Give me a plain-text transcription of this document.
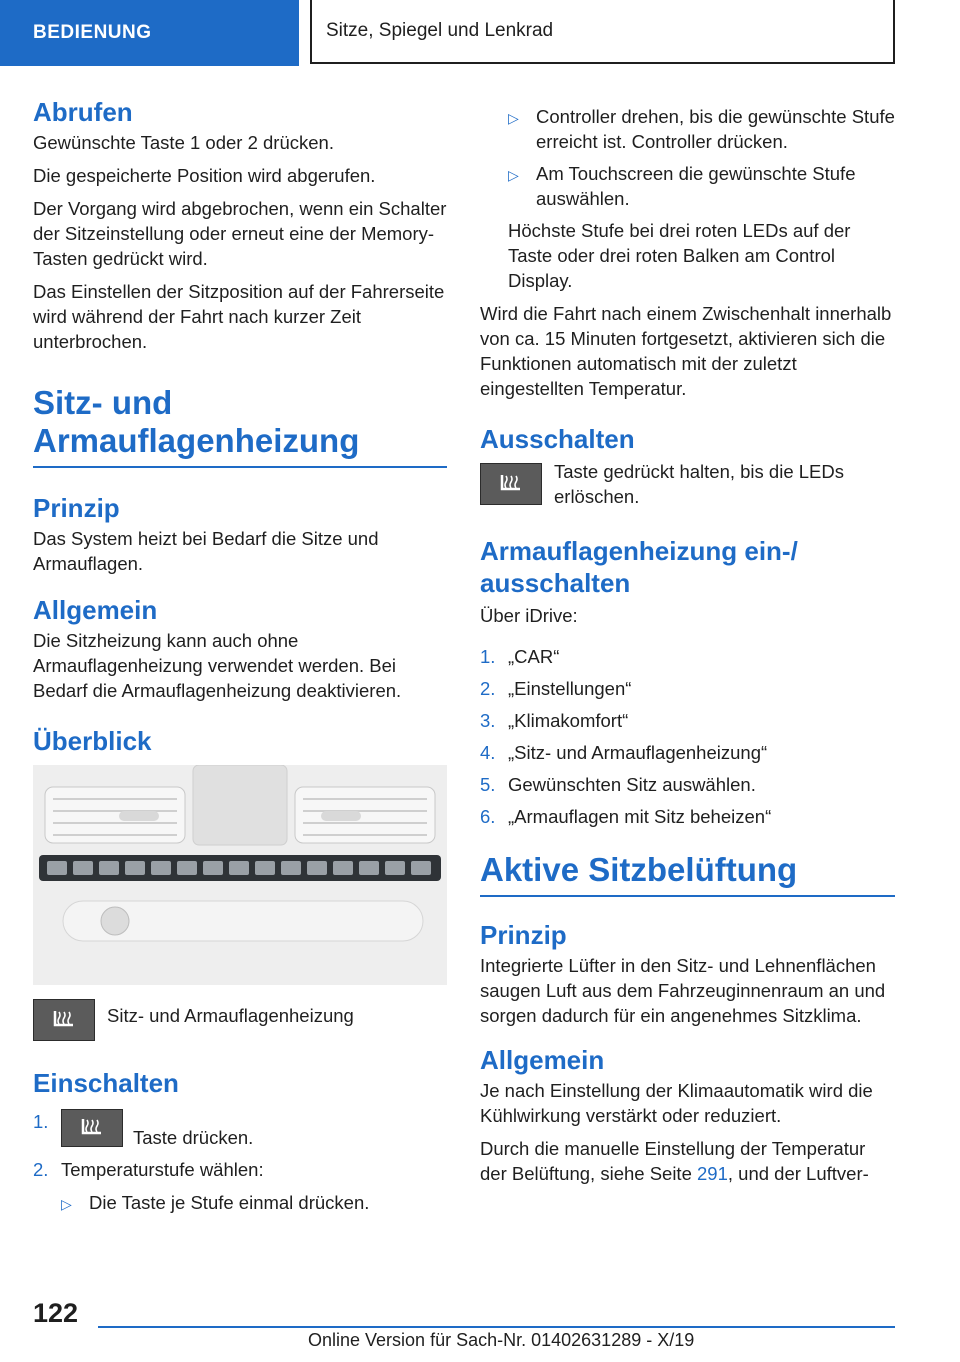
BEDIENUNG	Sitze, Spiegel und Lenkrad
Abrufen

Gewünschte Taste 1 oder 2 drücken.

Die gespeicherte Position wird abgerufen.

Der Vorgang wird abgebrochen, wenn ein Schalter der Sitzeinstellung oder erneut eine der Memory-Tasten gedrückt wird.

Das Einstellen der Sitzposition auf der Fahrerseite wird während der Fahrt nach kurzer Zeit unterbrochen.

Sitz- und Armauflagenheizung
Prinzip

Das System heizt bei Bedarf die Sitze und Armauflagen.

Allgemein

Die Sitzheizung kann auch ohne Armauflagenheizung verwendet werden. Bei Bedarf die Armauflagenheizung deaktivieren.

Überblick

Sitz- und Armauflagenheizung

Einschalten
1.
Taste drücken.
2. Temperaturstufe wählen:
▷ Die Taste je Stufe einmal drücken.
▷ Controller drehen, bis die gewünschte Stufe erreicht ist. Controller drücken.
▷ Am Touchscreen die gewünschte Stufe auswählen.

Höchste Stufe bei drei roten LEDs auf der Taste oder drei roten Balken am Control Display.

Wird die Fahrt nach einem Zwischenhalt innerhalb von ca. 15 Minuten fortgesetzt, aktivieren sich die Funktionen automatisch mit der zuletzt eingestellten Temperatur.

Ausschalten

Taste gedrückt halten, bis die LEDs erlöschen.

Armauflagenheizung ein-/ ausschalten

Über iDrive:

1. „CAR“
2. „Einstellungen“
3. „Klimakomfort“
4. „Sitz- und Armauflagenheizung“
5. Gewünschten Sitz auswählen.
6. „Armauflagen mit Sitz beheizen“
Aktive Sitzbelüftung
Prinzip

Integrierte Lüfter in den Sitz- und Lehnenflächen saugen Luft aus dem Fahrzeuginnenraum an und sorgen dadurch für ein angenehmes Sitzklima.

Allgemein

Je nach Einstellung der Klimaautomatik wird die Kühlwirkung verstärkt oder reduziert.

Durch die manuelle Einstellung der Temperatur der Belüftung, siehe Seite 291, und der Luftver-

122
Online Version für Sach-Nr. 01402631289 - X/19
